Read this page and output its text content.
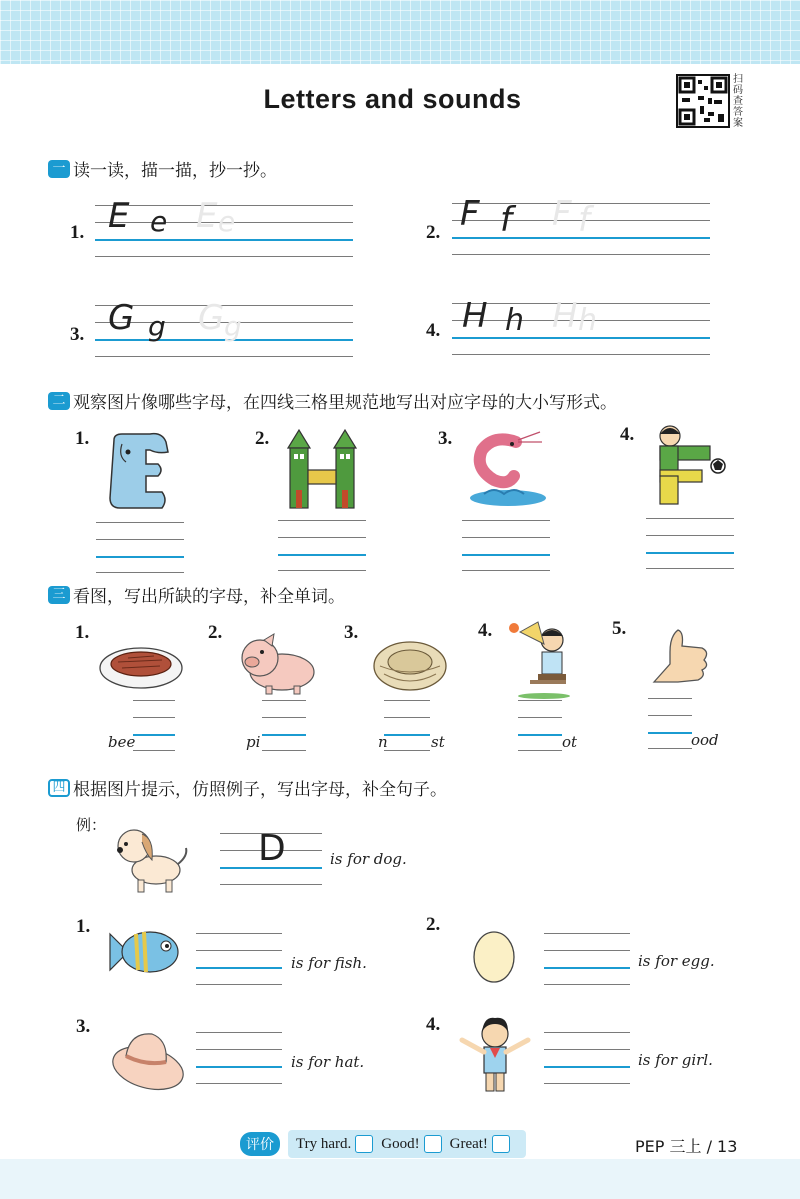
Letters and sounds
扫码查答案
一 读一读，描一描，抄一抄。
1. E e E e	2. F f F f
3. G g G g	4. H h H h
二 观察图片像哪些字母，在四线三格里规范地写出对应字母的大小写形式。
1.	2.	3.	4.
三 看图，写出所缺的字母，补全单词。
1.
bee
2.
pi
3.
n	st
4.
ot
5.
ood
四 根据图片提示，仿照例子，写出字母，补全句子。
例：
D	is for dog.
1.
is for fish.
2.
is for egg.
3.
is for hat.
4.
is for girl.
评价	Try hard. Good! Great!	PEP 三上 / 13
